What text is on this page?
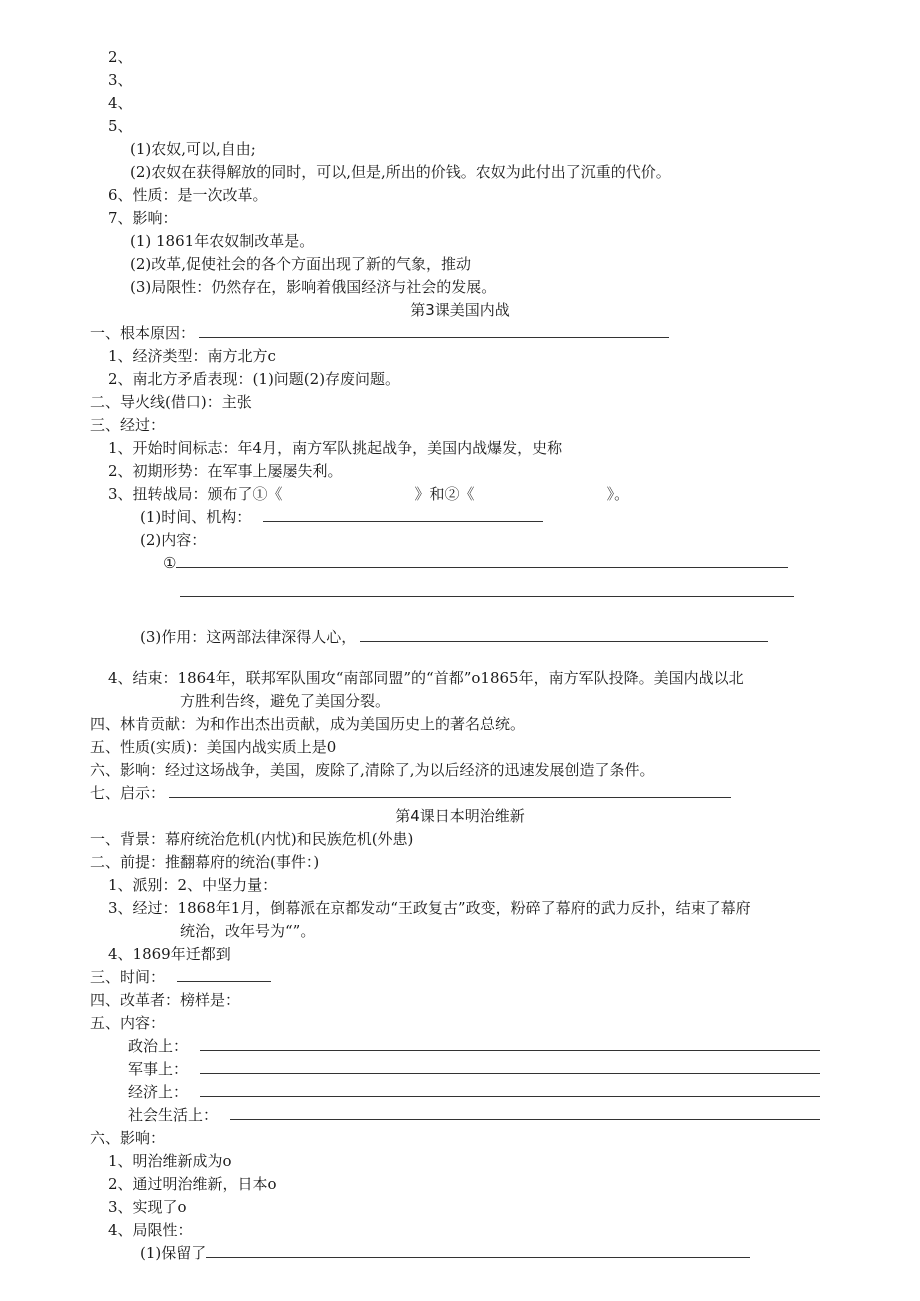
2、
3、
4、
5、
(1)农奴,可以,自由;
(2)农奴在获得解放的同时，可以,但是,所出的价钱。农奴为此付出了沉重的代价。
6、性质：是一次改革。
7、影响：
(1) 1861年农奴制改革是。
(2)改革,促使社会的各个方面出现了新的气象，推动
(3)局限性：仍然存在，影响着俄国经济与社会的发展。
第3课美国内战
一、根本原因：
1、经济类型：南方北方c
2、南北方矛盾表现：(1)问题(2)存废问题。
二、导火线(借口)：主张
三、经过：
1、开始时间标志：年4月，南方军队挑起战争，美国内战爆发，史称
2、初期形势：在军事上屡屡失利。
3、扭转战局：颁布了①《	》和②《	》。
(1)时间、机构：
(2)内容：
①
(3)作用：这两部法律深得人心，
4、结束：1864年，联邦军队围攻“南部同盟”的“首都”o1865年，南方军队投降。美国内战以北
方胜利告终，避免了美国分裂。
四、林肯贡献：为和作出杰出贡献，成为美国历史上的著名总统。
五、性质(实质)：美国内战实质上是0
六、影响：经过这场战争，美国，废除了,清除了,为以后经济的迅速发展创造了条件。
七、启示：
第4课日本明治维新
一、背景：幕府统治危机(内忧)和民族危机(外患)
二、前提：推翻幕府的统治(事件：)
1、派别：2、中坚力量：
3、经过：1868年1月，倒幕派在京都发动“王政复古”政变，粉碎了幕府的武力反扑，结束了幕府
统治，改年号为“”。
4、1869年迁都到
三、时间：
四、改革者：榜样是：
五、内容：
政治上：
军事上：
经济上：
社会生活上：
六、影响：
1、明治维新成为o
2、通过明治维新，日本o
3、实现了o
4、局限性：
(1)保留了
